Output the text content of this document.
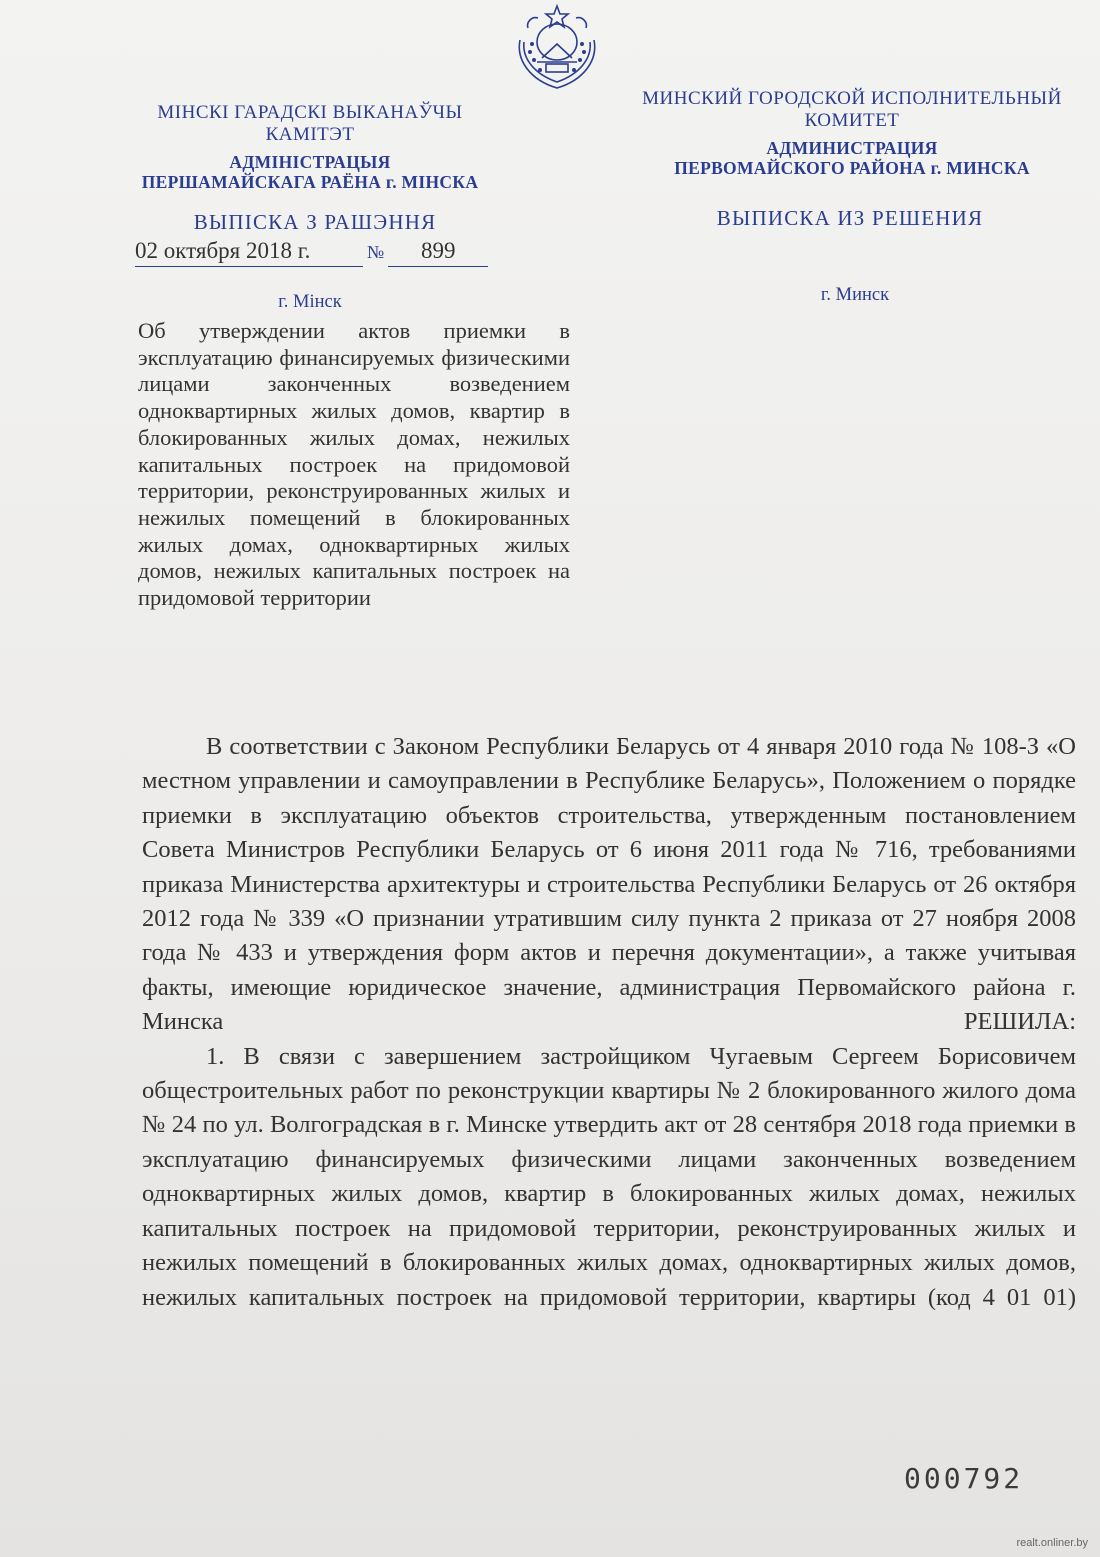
МІНСКІ ГАРАДСКІ ВЫКАНАЎЧЫ
КАМІТЭТ
АДМІНІСТРАЦЫЯ
ПЕРШАМАЙСКАГА РАЁНА г. МІНСКА
МИНСКИЙ ГОРОДСКОЙ ИСПОЛНИТЕЛЬНЫЙ
КОМИТЕТ
АДМИНИСТРАЦИЯ
ПЕРВОМАЙСКОГО РАЙОНА г. МИНСКА
ВЫПІСКА З РАШЭННЯ	ВЫПИСКА ИЗ РЕШЕНИЯ
02 октября 2018 г.	№ 899
г. Мінск	г. Минск
Об утверждении актов приемки в эксплуатацию финансируемых физическими лицами законченных возведением одноквартирных жилых домов, квартир в блокированных жилых домах, нежилых капитальных построек на придомовой территории, реконструированных жилых и нежилых помещений в блокированных жилых домах, одноквартирных жилых домов, нежилых капитальных построек на придомовой территории

В соответствии с Законом Республики Беларусь от 4 января 2010 года № 108-З «О местном управлении и самоуправлении в Республике Беларусь», Положением о порядке приемки в эксплуатацию объектов строительства, утвержденным постановлением Совета Министров Республики Беларусь от 6 июня 2011 года № 716, требованиями приказа Министерства архитектуры и строительства Республики Беларусь от 26 октября 2012 года № 339 «О признании утратившим силу пункта 2 приказа от 27 ноября 2008 года № 433 и утверждения форм актов и перечня документации», а также учитывая факты, имеющие юридическое значение, администрация Первомайского района г. Минска РЕШИЛА:

1. В связи с завершением застройщиком Чугаевым Сергеем Борисовичем общестроительных работ по реконструкции квартиры № 2 блокированного жилого дома № 24 по ул. Волгоградская в г. Минске утвердить акт от 28 сентября 2018 года приемки в эксплуатацию финансируемых физическими лицами законченных возведением одноквартирных жилых домов, квартир в блокированных жилых домах, нежилых капитальных построек на придомовой территории, реконструированных жилых и нежилых помещений в блокированных жилых домах, одноквартирных жилых домов, нежилых капитальных построек на придомовой территории, квартиры (код 4 01 01)

000792
realt.onliner.by
